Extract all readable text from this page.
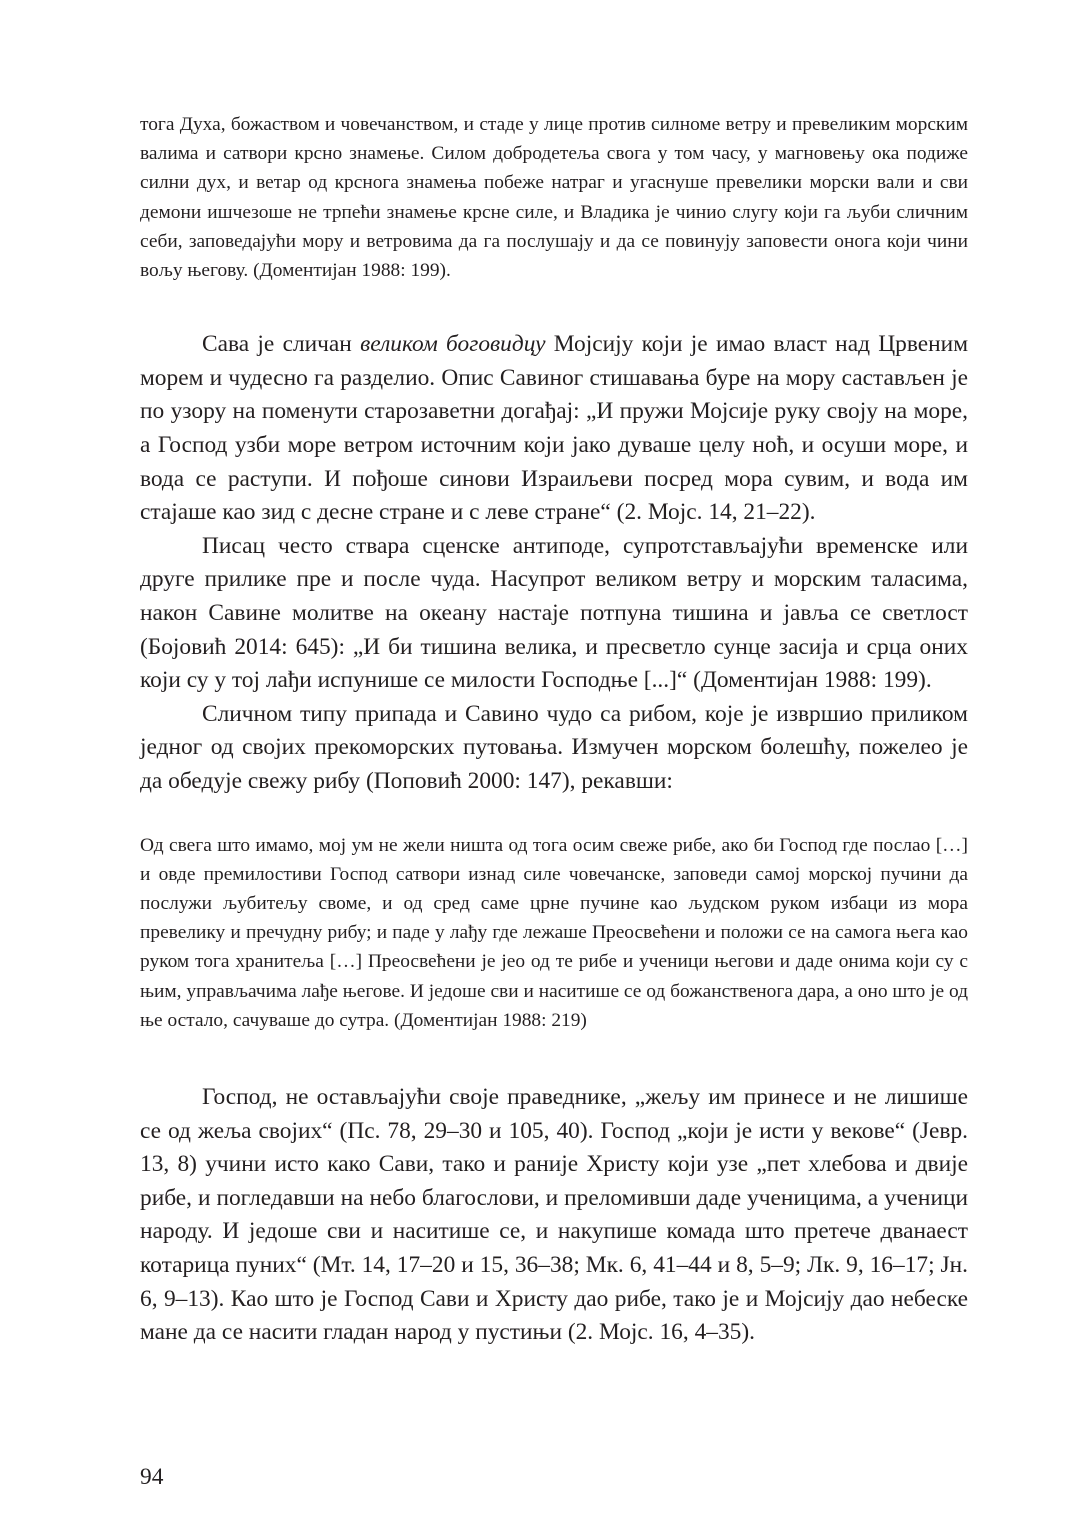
тога Духа, божаством и човечанством, и стаде у лице против силноме ветру и превеликим морским валима и сатвори крсно знамење. Силом добродетеља свога у том часу, у магновењу ока подиже силни дух, и ветар од крснога знамења побеже натраг и угаснуше превелики морски вали и сви демони ишчезоше не трпећи знамење крсне силе, и Владика је чинио слугу који га љуби сличним себи, заповедајући мору и ветровима да га послушају и да се повинују заповести онога који чини вољу његову. (Доментијан 1988: 199).

Сава је сличан великом боговидцу Мојсију који је имао власт над Црвеним морем и чудесно га разделио. Опис Савиног стишавања буре на мору састављен је по узору на поменути старозаветни догађај: „И пружи Мојсије руку своју на море, а Господ узби море ветром источним који јако дуваше целу ноћ, и осуши море, и вода се раступи. И пођоше синови Израиљеви посред мора сувим, и вода им стајаше као зид с десне стране и с леве стране“ (2. Мојс. 14, 21–22).

Писац често ствара сценске антиподе, супротстављајући временске или друге прилике пре и после чуда. Насупрот великом ветру и морским таласима, након Савине молитве на океану настаје потпуна тишина и јавља се светлост (Бојовић 2014: 645): „И би тишина велика, и пресветло сунце засија и срца оних који су у тој лађи испунише се милости Господње [...]“ (Доментијан 1988: 199).

Сличном типу припада и Савино чудо са рибом, које је извршио приликом једног од својих прекоморских путовања. Измучен морском болешћу, пожелео је да обедује свежу рибу (Поповић 2000: 147), рекавши:

Од свега што имамо, мој ум не жели ништа од тога осим свеже рибе, ако би Господ где послао […] и овде премилостиви Господ сатвори изнад силе човечанске, заповеди самој морској пучини да послужи љубитељу своме, и од сред саме црне пучине као људском руком избаци из мора превелику и пречудну рибу; и паде у лађу где лежаше Преосвећени и положи се на самога њега као руком тога хранитеља […] Преосвећени је јео од те рибе и ученици његови и даде онима који су с њим, управљачима лађе његове. И једоше сви и наситише се од божанственога дара, а оно што је од ње остало, сачуваше до сутра. (Доментијан 1988: 219)

Господ, не остављајући своје праведнике, „жељу им принесе и не лишише се од жеља својих“ (Пс. 78, 29–30 и 105, 40). Господ „који је исти у векове“ (Јевр. 13, 8) учини исто како Сави, тако и раније Христу који узе „пет хлебова и двије рибе, и погледавши на небо благослови, и преломивши даде ученицима, а ученици народу. И једоше сви и наситише се, и накупише комада што претече дванаест котарица пуних“ (Мт. 14, 17–20 и 15, 36–38; Мк. 6, 41–44 и 8, 5–9; Лк. 9, 16–17; Јн. 6, 9–13). Као што је Господ Сави и Христу дао рибе, тако је и Мојсију дао небеске мане да се насити гладан народ у пустињи (2. Мојс. 16, 4–35).

94
